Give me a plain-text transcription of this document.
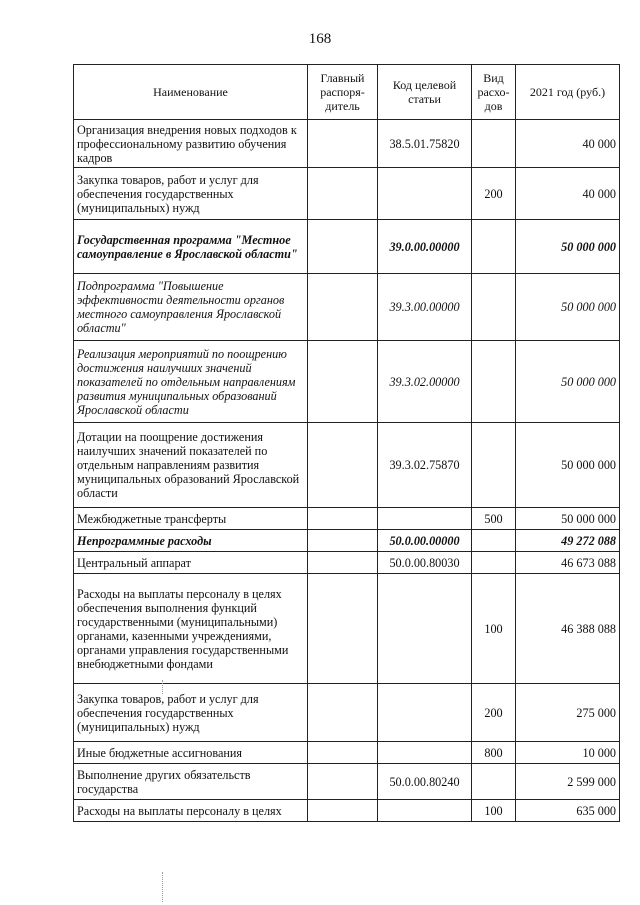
168
Наименование	Главный распоря-дитель	Код целевой статьи	Вид расхо-дов	2021 год (руб.)
Организация внедрения новых подходов к профессиональному развитию обучения кадров		38.5.01.75820		40 000
Закупка товаров, работ и услуг для обеспечения государственных (муниципальных) нужд			200	40 000
Государственная программа "Местное самоуправление в Ярославской области"		39.0.00.00000		50 000 000
Подпрограмма "Повышение эффективности деятельности органов местного самоуправления Ярославской области"		39.3.00.00000		50 000 000
Реализация мероприятий по поощрению достижения наилучших значений показателей по отдельным направлениям развития муниципальных образований Ярославской области		39.3.02.00000		50 000 000
Дотации на поощрение достижения наилучших значений показателей по отдельным направлениям развития муниципальных образований Ярославской области		39.3.02.75870		50 000 000
Межбюджетные трансферты			500	50 000 000
Непрограммные расходы		50.0.00.00000		49 272 088
Центральный аппарат		50.0.00.80030		46 673 088
Расходы на выплаты персоналу в целях обеспечения выполнения функций государственными (муниципальными) органами, казенными учреждениями, органами управления государственными внебюджетными фондами			100	46 388 088
Закупка товаров, работ и услуг для обеспечения государственных (муниципальных) нужд			200	275 000
Иные бюджетные ассигнования			800	10 000
Выполнение других обязательств государства		50.0.00.80240		2 599 000
Расходы на выплаты персоналу в целях			100	635 000
